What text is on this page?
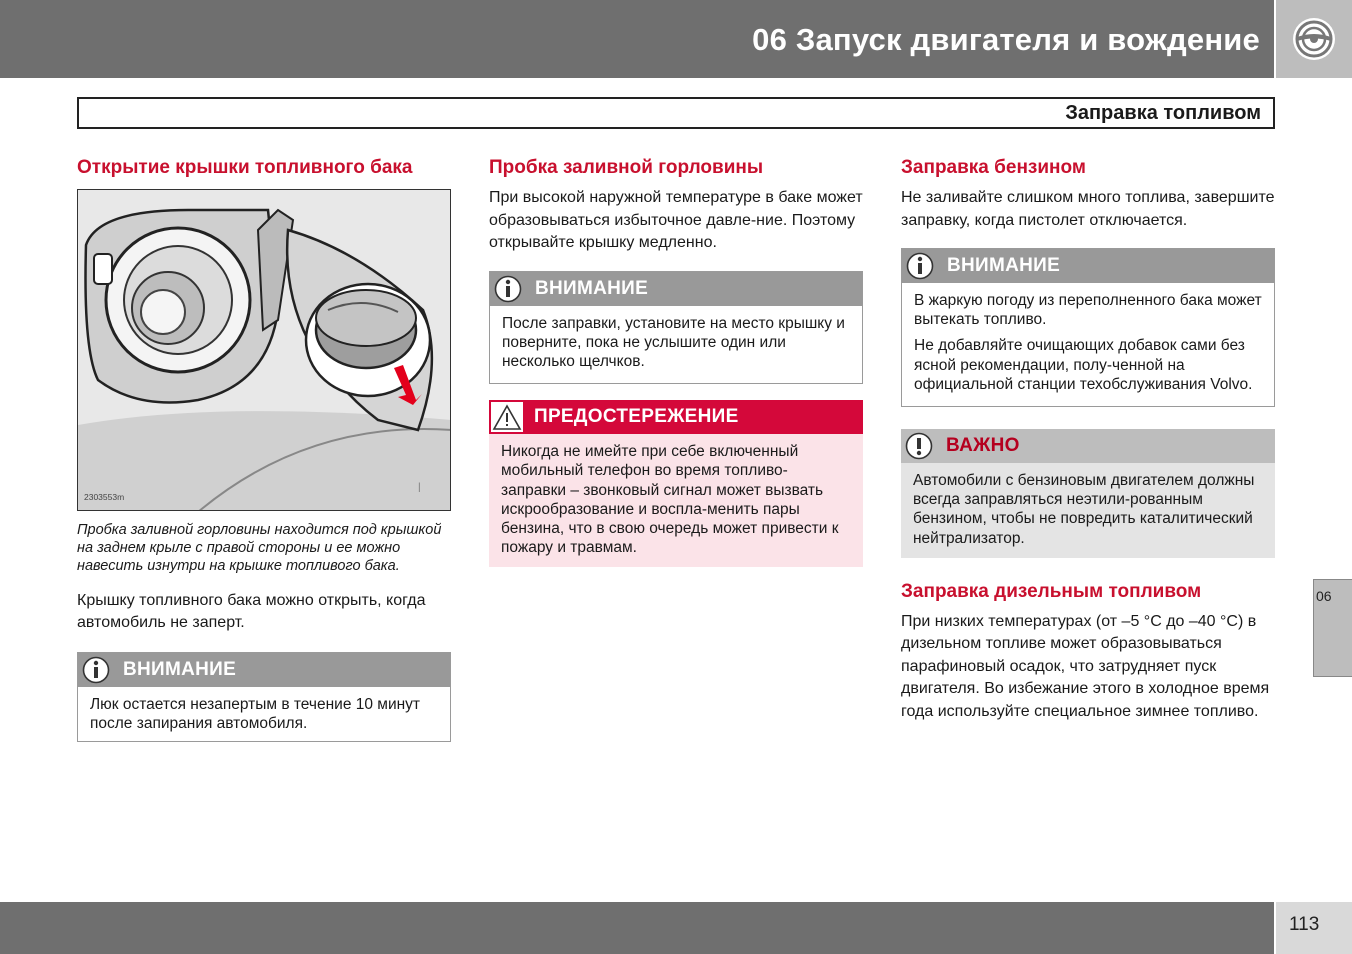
06 Запуск двигателя и вождение
Заправка топливом
Открытие крышки топливного бака
|
2303553m
Пробка заливной горловины находится под крышкой на заднем крыле с правой стороны и ее можно навесить изнутри на крышке топливого бака.

Крышку топливного бака можно открыть, когда автомобиль не заперт.

ВНИМАНИЕ

Люк остается незапертым в течение 10 минут после запирания автомобиля.

Пробка заливной горловины

При высокой наружной температуре в баке может образовываться избыточное давле-ние. Поэтому открывайте крышку медленно.

ВНИМАНИЕ

После заправки, установите на место крышку и поверните, пока не услышите один или несколько щелчков.

ПРЕДОСТЕРЕЖЕНИЕ

Никогда не имейте при себе включенный мобильный телефон во время топливо-заправки – звонковый сигнал может вызвать искрообразование и воспла-менить пары бензина, что в свою очередь может привести к пожару и травмам.

Заправка бензином

Не заливайте слишком много топлива, завершите заправку, когда пистолет отключается.

ВНИМАНИЕ

В жаркую погоду из переполненного бака может вытекать топливо.

Не добавляйте очищающих добавок сами без ясной рекомендации, полу-ченной на официальной станции техобслуживания Volvo.

ВАЖНО

Автомобили с бензиновым двигателем должны всегда заправляться неэтили-рованным бензином, чтобы не повредить каталитический нейтрализатор.

Заправка дизельным топливом

При низких температурах (от –5 °C до –40 °C) в дизельном топливе может образовываться парафиновый осадок, что затрудняет пуск двигателя. Во избежание этого в холодное время года используйте специальное зимнее топливо.

06
113
